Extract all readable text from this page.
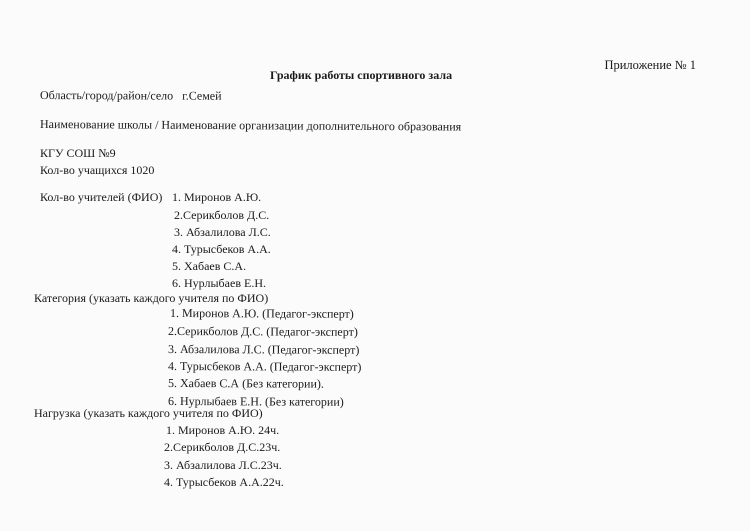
Приложение № 1
График работы спортивного зала
Область/город/район/село г.Семей
Наименование школы / Наименование организации дополнительного образования
КГУ СОШ №9
Кол-во учащихся 1020
Кол-во учителей (ФИО) 1. Миронов А.Ю.
2.Серикболов Д.С.
3. Абзалилова Л.С.
4. Турысбеков А.А.
5. Хабаев С.А.
6. Нурлыбаев Е.Н.
Категория (указать каждого учителя по ФИО)
1. Миронов А.Ю. (Педагог-эксперт)
2.Серикболов Д.С. (Педагог-эксперт)
3. Абзалилова Л.С. (Педагог-эксперт)
4. Турысбеков А.А. (Педагог-эксперт)
5. Хабаев С.А (Без категории).
6. Нурлыбаев Е.Н. (Без категории)
Нагрузка (указать каждого учителя по ФИО)
1. Миронов А.Ю. 24ч.
2.Серикболов Д.С.23ч.
3. Абзалилова Л.С.23ч.
4. Турысбеков А.А.22ч.
